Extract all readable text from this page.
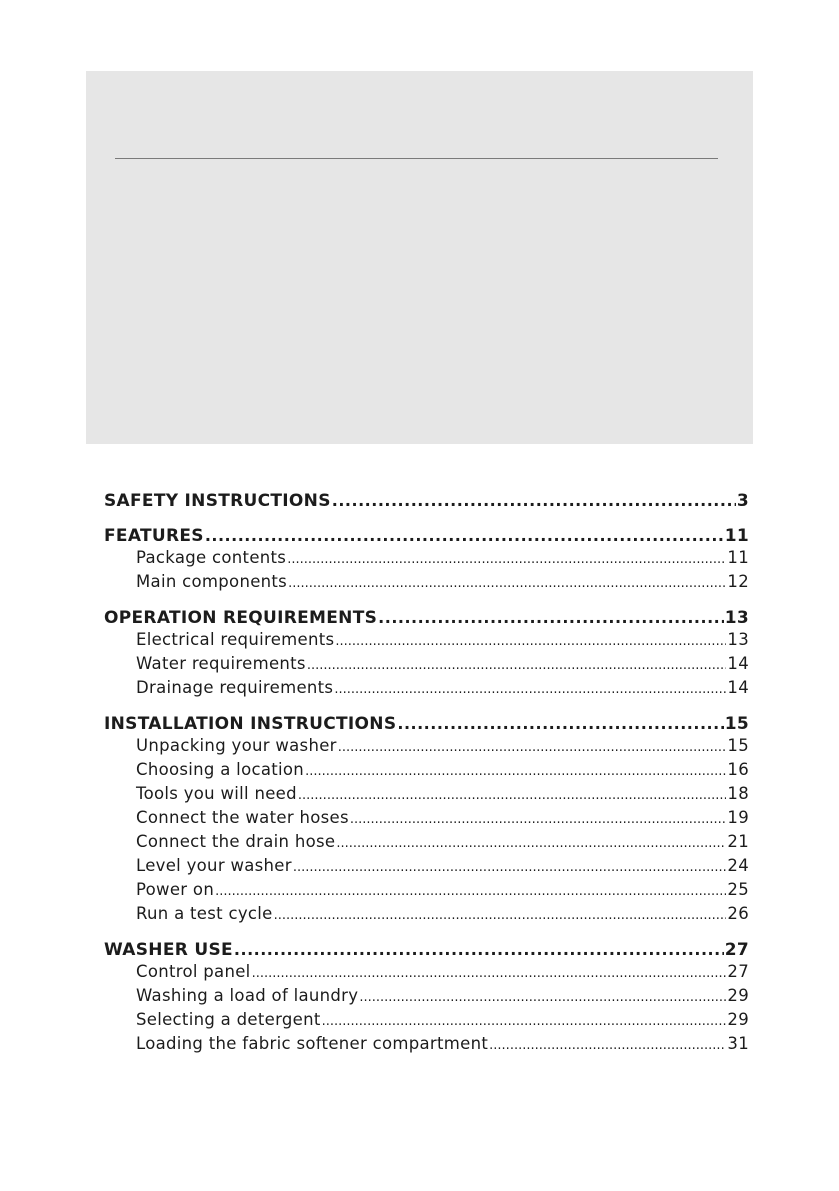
SAFETY INSTRUCTIONS .....	3
FEATURES .....	11
Package contents .....	11
Main components .....	12
OPERATION REQUIREMENTS .....	13
Electrical requirements .....	13
Water requirements .....	14
Drainage requirements .....	14
INSTALLATION INSTRUCTIONS .....	15
Unpacking your washer .....	15
Choosing a location .....	16
Tools you will need .....	18
Connect the water hoses .....	19
Connect the drain hose .....	21
Level your washer .....	24
Power on .....	25
Run a test cycle .....	26
WASHER USE .....	27
Control panel .....	27
Washing a load of laundry .....	29
Selecting a detergent .....	29
Loading the fabric softener compartment .....	31
